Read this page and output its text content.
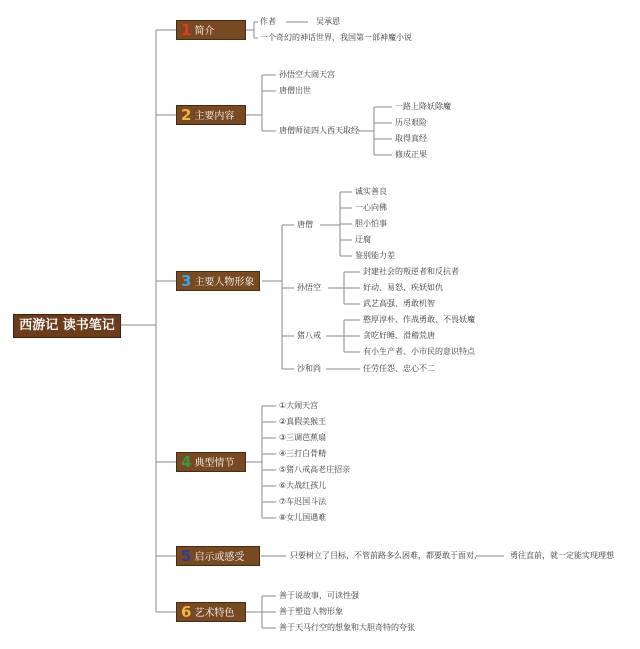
西游记 读书笔记
1 简介
2 主要内容
3 主要人物形象
4 典型情节
5 启示或感受
6 艺术特色
作者	吴承恩
一个奇幻的神话世界，我国第一部神魔小说
孙悟空大闹天宫
唐僧出世
唐僧师徒四人西天取经
一路上降妖除魔
历尽艰险
取得真经
修成正果
唐僧
诚实善良
一心向佛
胆小怕事
迂腐
鉴别能力差
孙悟空
封建社会的叛逆者和反抗者
好动、易怒、疾妖如仇
武艺高强、勇敢机智
猪八戒
憨厚淳朴、作战勇敢、不畏妖魔
贪吃好睡、滑稽荒唐
有小生产者、小市民的意识特点
沙和尚	任劳任怨、忠心不二
①大闹天宫
②真假美猴王
③三调芭蕉扇
④三打白骨精
⑤猪八戒高老庄招亲
⑥大战红孩儿
⑦车迟国斗法
⑧女儿国遇难
只要树立了目标，不管前路多么困难，都要敢于面对，	勇往直前，就一定能实现理想
善于说故事，可读性强
善于塑造人物形象
善于天马行空的想象和大胆奇特的夸张
